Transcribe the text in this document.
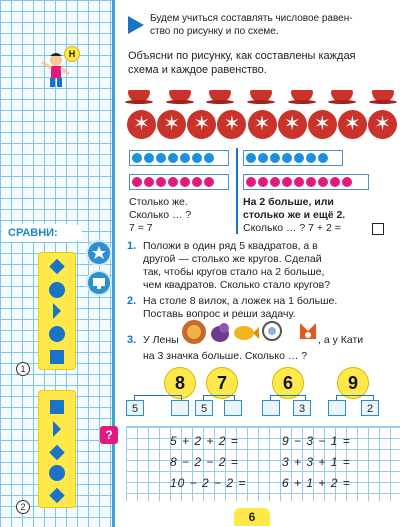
Н
СРАВНИ:
1
2
Будем учиться составлять числовое равен-
ство по рисунку и по схеме.
Объясни по рисунку, как составлены каждая
схема и каждое равенство.
✶
✶
✶
✶
✶
✶
✶
✶
✶
Столько же.
Сколько … ?
7 = 7
На 2 больше, или
столько же и ещё 2.
Сколько … ? 7 + 2 =
1. Положи в один ряд 5 квадратов, а в
другой — столько же кругов. Сделай
так, чтобы кругов стало на 2 больше,
чем квадратов. Сколько стало кругов?
2. На столе 8 вилок, а ложек на 1 больше.
Поставь вопрос и реши задачу.
3. У Лены	, а у Кати
на 3 значка больше. Сколько … ?
8
5
7
5
6
3
9
2
?	5 + 2 + 2 =
8 − 2 − 2 =
10 − 2 − 2 =
9 − 3 − 1 =
3 + 3 + 1 =
6 + 1 + 2 =
6
